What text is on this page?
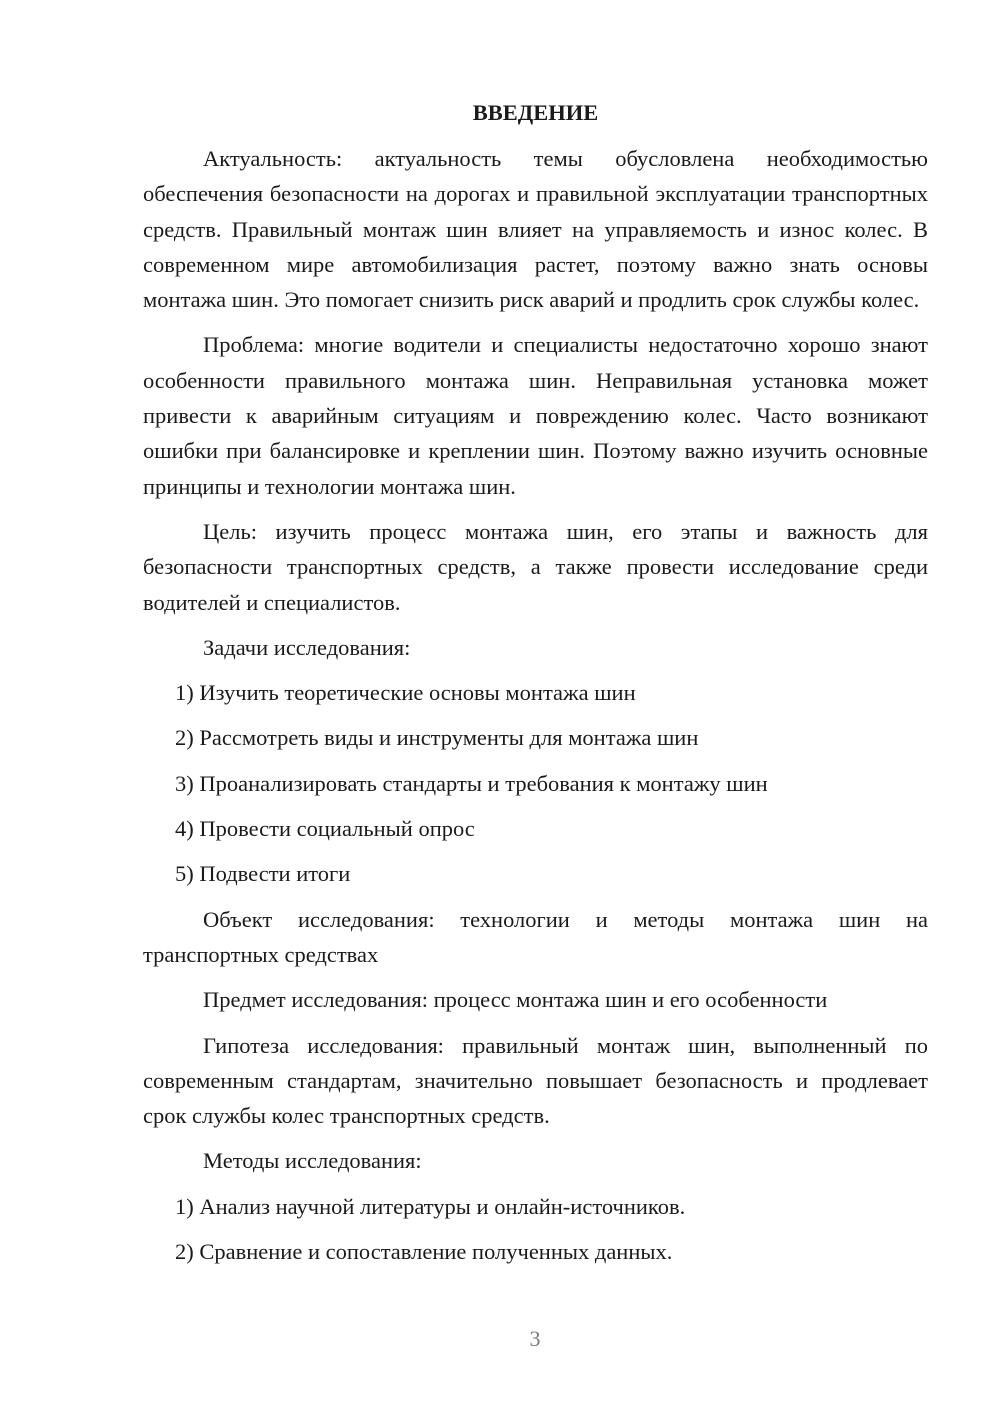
ВВЕДЕНИЕ

Актуальность: актуальность темы обусловлена необходимостью обеспечения безопасности на дорогах и правильной эксплуатации транспортных средств. Правильный монтаж шин влияет на управляемость и износ колес. В современном мире автомобилизация растет, поэтому важно знать основы монтажа шин. Это помогает снизить риск аварий и продлить срок службы колес.

Проблема: многие водители и специалисты недостаточно хорошо знают особенности правильного монтажа шин. Неправильная установка может привести к аварийным ситуациям и повреждению колес. Часто возникают ошибки при балансировке и креплении шин. Поэтому важно изучить основные принципы и технологии монтажа шин.

Цель: изучить процесс монтажа шин, его этапы и важность для безопасности транспортных средств, а также провести исследование среди водителей и специалистов.

Задачи исследования:

1) Изучить теоретические основы монтажа шин

2) Рассмотреть виды и инструменты для монтажа шин

3) Проанализировать стандарты и требования к монтажу шин

4) Провести социальный опрос

5) Подвести итоги

Объект исследования: технологии и методы монтажа шин на транспортных средствах

Предмет исследования: процесс монтажа шин и его особенности

Гипотеза исследования: правильный монтаж шин, выполненный по современным стандартам, значительно повышает безопасность и продлевает срок службы колес транспортных средств.

Методы исследования:

1) Анализ научной литературы и онлайн-источников.

2) Сравнение и сопоставление полученных данных.

3
